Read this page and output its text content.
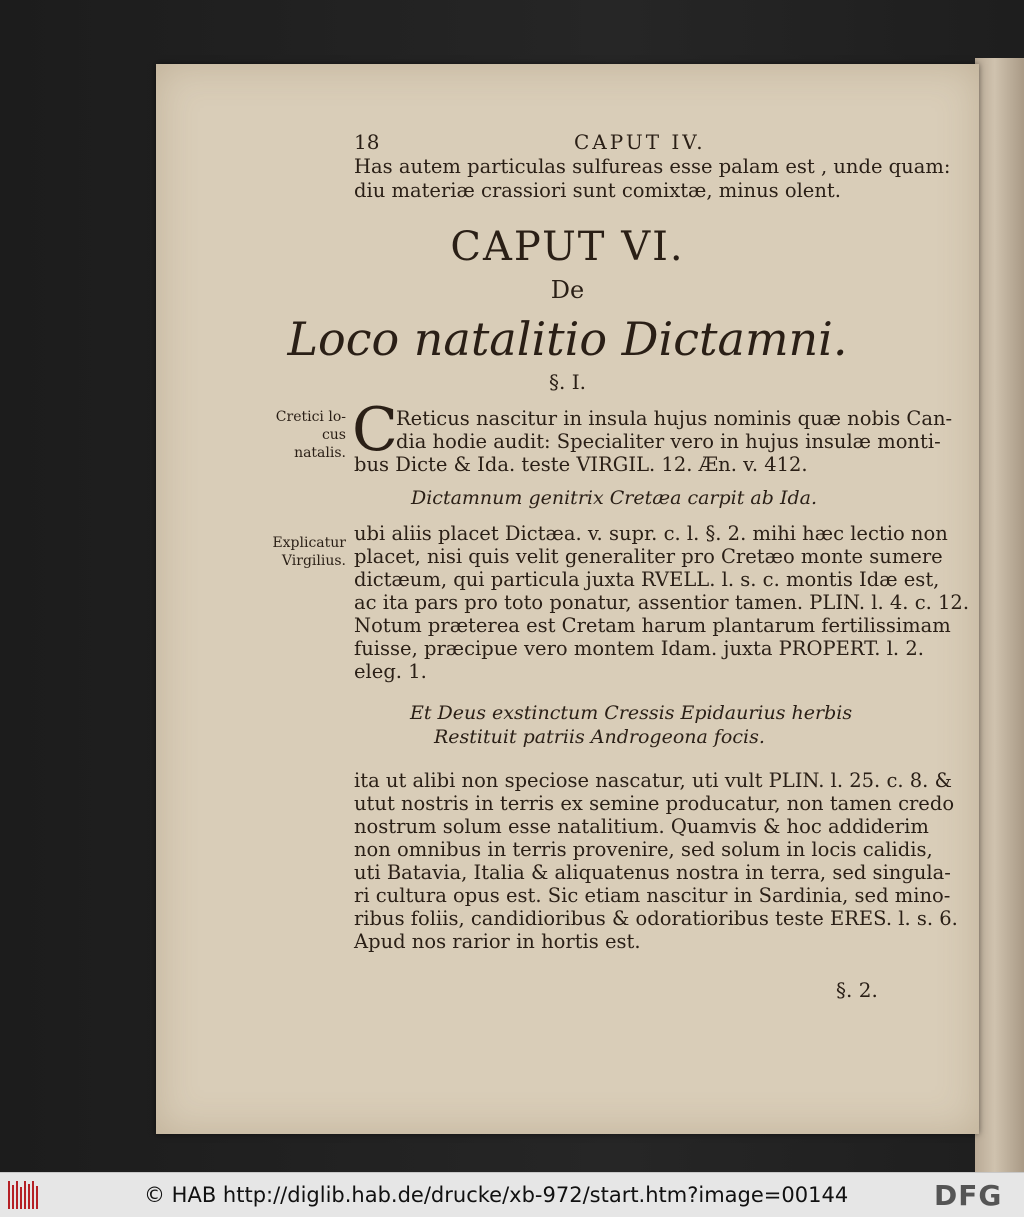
18	CAPUT IV.
Has autem particulas sulfureas esse palam est , unde quam:
diu materiæ crassiori sunt comixtæ, minus olent.
CAPUT VI.
De
Loco natalitio Dictamni.
§. I.
Cretici lo-
cus natalis. C
Reticus nascitur in insula hujus nominis quæ nobis Can-
dia hodie audit: Specialiter vero in hujus insulæ monti-
bus Dicte & Ida. teste VIRGIL. 12. Æn. v. 412.
Dictamnum genitrix Cretæa carpit ab Ida.
Explicatur
Virgilius.
ubi aliis placet Dictæa. v. supr. c. l. §. 2. mihi hæc lectio non
placet, nisi quis velit generaliter pro Cretæo monte sumere
dictæum, qui particula juxta RVELL. l. s. c. montis Idæ est,
ac ita pars pro toto ponatur, assentior tamen. PLIN. l. 4. c. 12.
Notum præterea est Cretam harum plantarum fertilissimam
fuisse, præcipue vero montem Idam. juxta PROPERT. l. 2.
eleg. 1.
Et Deus exstinctum Cressis Epidaurius herbis
Restituit patriis Androgeona focis.
ita ut alibi non speciose nascatur, uti vult PLIN. l. 25. c. 8. &
utut nostris in terris ex semine producatur, non tamen credo
nostrum solum esse natalitium. Quamvis & hoc addiderim
non omnibus in terris provenire, sed solum in locis calidis,
uti Batavia, Italia & aliquatenus nostra in terra, sed singula-
ri cultura opus est. Sic etiam nascitur in Sardinia, sed mino-
ribus foliis, candidioribus & odoratioribus teste ERES. l. s. 6.
Apud nos rarior in hortis est.
§. 2.
© HAB http://diglib.hab.de/drucke/xb-972/start.htm?image=00144	DFG
